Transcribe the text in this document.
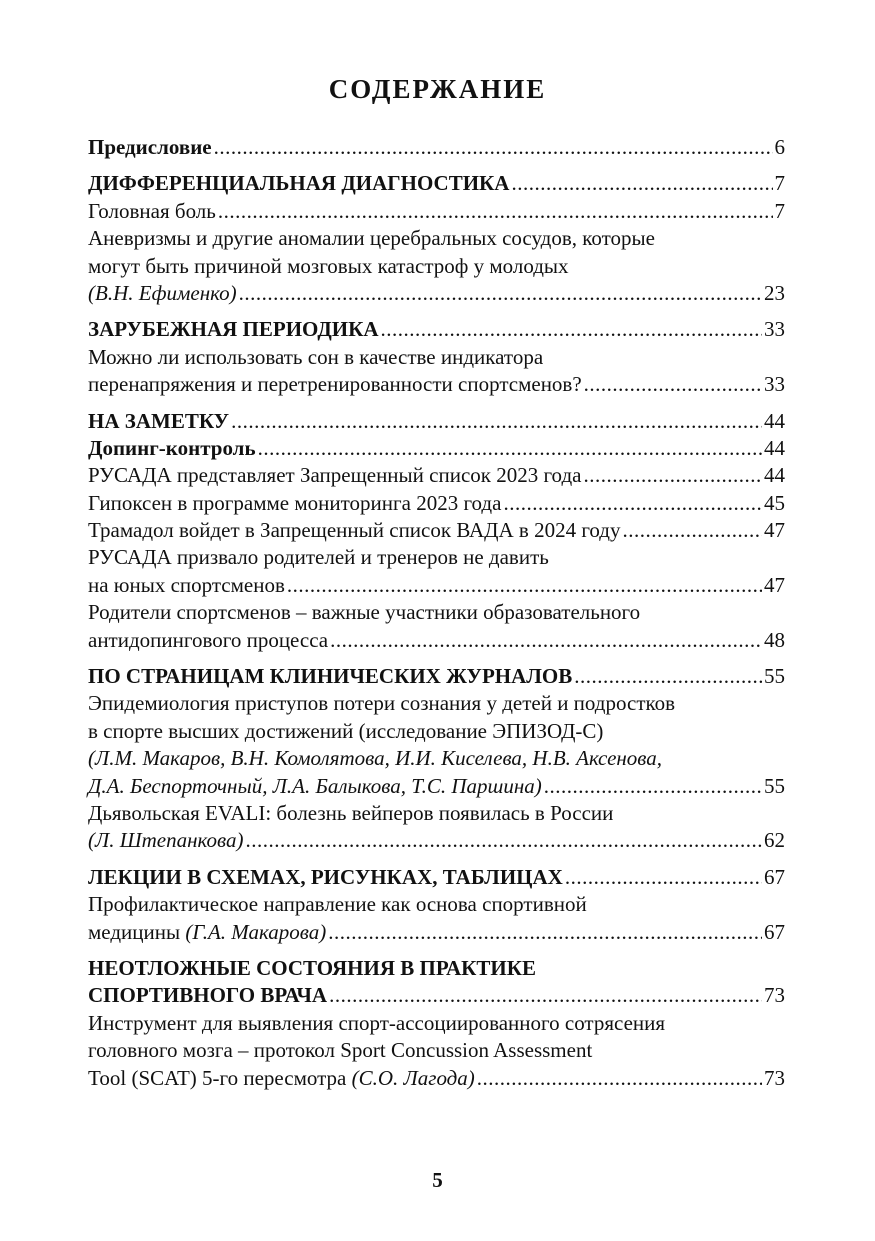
СОДЕРЖАНИЕ
Предисловие .....	6
ДИФФЕРЕНЦИАЛЬНАЯ ДИАГНОСТИКА .....	7
Головная боль .....	7
Аневризмы и другие аномалии церебральных сосудов, которые
могут быть причиной мозговых катастроф у молодых
(В.Н. Ефименко) .....	23
ЗАРУБЕЖНАЯ ПЕРИОДИКА .....	33
Можно ли использовать сон в качестве индикатора
перенапряжения и перетренированности спортсменов? .....	33
НА ЗАМЕТКУ .....	44
Допинг-контроль .....	44
РУСАДА представляет Запрещенный список 2023 года .....	44
Гипоксен в программе мониторинга 2023 года .....	45
Трамадол войдет в Запрещенный список ВАДА в 2024 году .....	47
РУСАДА призвало родителей и тренеров не давить
на юных спортсменов .....	47
Родители спортсменов – важные участники образовательного
антидопингового процесса .....	48
ПО СТРАНИЦАМ КЛИНИЧЕСКИХ ЖУРНАЛОВ .....	55
Эпидемиология приступов потери сознания у детей и подростков
в спорте высших достижений (исследование ЭПИЗОД-С)
(Л.М. Макаров, В.Н. Комолятова, И.И. Киселева, Н.В. Аксенова,
Д.А. Беспорточный, Л.А. Балыкова, Т.С. Паршина) .....	55
Дьявольская EVALI: болезнь вейперов появилась в России
(Л. Штепанкова) .....	62
ЛЕКЦИИ В СХЕМАХ, РИСУНКАХ, ТАБЛИЦАХ .....	67
Профилактическое направление как основа спортивной
медицины
(Г.А. Макарова) .....	67
НЕОТЛОЖНЫЕ СОСТОЯНИЯ В ПРАКТИКЕ
СПОРТИВНОГО ВРАЧА .....	73
Инструмент для выявления спорт-ассоциированного сотрясения
головного мозга – протокол Sport Concussion Assessment
Tool (SCAT) 5-го пересмотра
(С.О. Лагода) .....	73
5
